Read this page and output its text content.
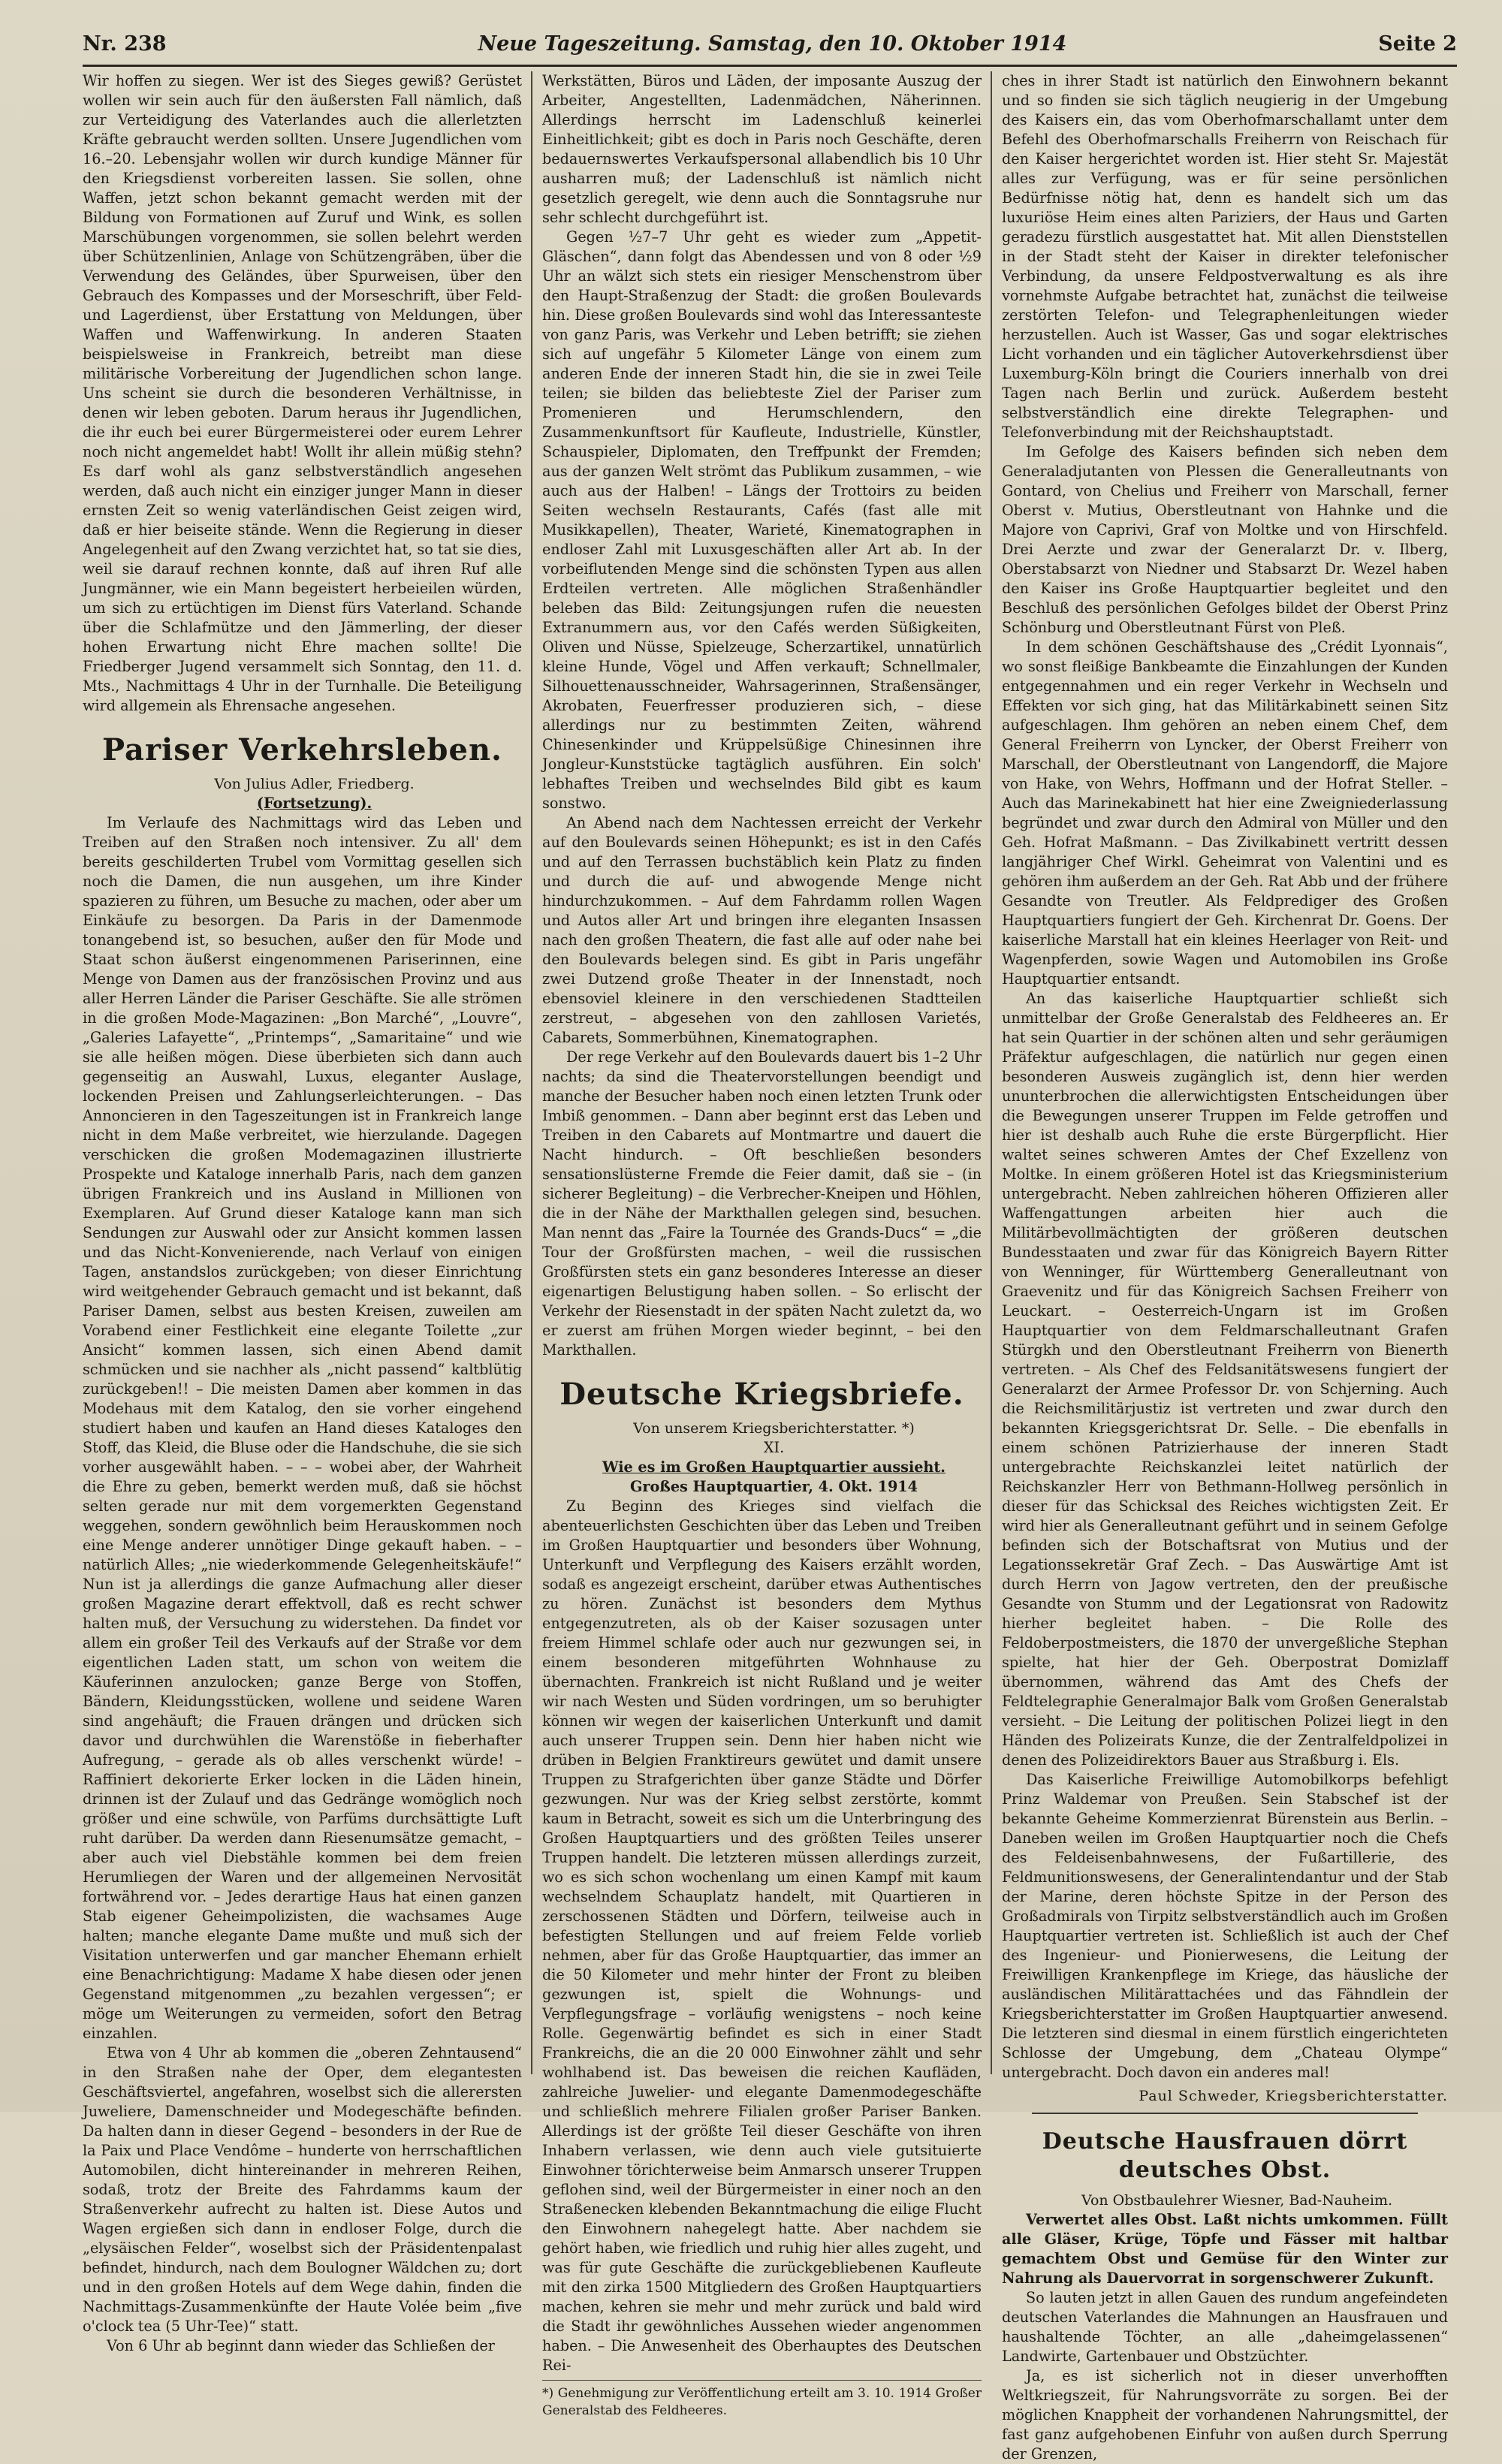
Nr. 238	Neue Tageszeitung. Samstag, den 10. Oktober 1914	Seite 2

Wir hoffen zu siegen. Wer ist des Sieges gewiß? Gerüstet wollen wir sein auch für den äußersten Fall nämlich, daß zur Verteidigung des Vaterlandes auch die allerletzten Kräfte gebraucht werden sollten. Unsere Jugendlichen vom 16.–20. Lebensjahr wollen wir durch kundige Männer für den Kriegsdienst vorbereiten lassen. Sie sollen, ohne Waffen, jetzt schon bekannt gemacht werden mit der Bildung von Formationen auf Zuruf und Wink, es sollen Marschübungen vorgenommen, sie sollen belehrt werden über Schützenlinien, Anlage von Schützengräben, über die Verwendung des Geländes, über Spurweisen, über den Gebrauch des Kompasses und der Morseschrift, über Feld- und Lagerdienst, über Erstattung von Meldungen, über Waffen und Waffenwirkung. In anderen Staaten beispielsweise in Frankreich, betreibt man diese militärische Vorbereitung der Jugendlichen schon lange. Uns scheint sie durch die besonderen Verhältnisse, in denen wir leben geboten. Darum heraus ihr Jugendlichen, die ihr euch bei eurer Bürgermeisterei oder eurem Lehrer noch nicht angemeldet habt! Wollt ihr allein müßig stehn? Es darf wohl als ganz selbstverständlich angesehen werden, daß auch nicht ein einziger junger Mann in dieser ernsten Zeit so wenig vaterländischen Geist zeigen wird, daß er hier beiseite stände. Wenn die Regierung in dieser Angelegenheit auf den Zwang verzichtet hat, so tat sie dies, weil sie darauf rechnen konnte, daß auf ihren Ruf alle Jungmänner, wie ein Mann begeistert herbeieilen würden, um sich zu ertüchtigen im Dienst fürs Vaterland. Schande über die Schlafmütze und den Jämmerling, der dieser hohen Erwartung nicht Ehre machen sollte! Die Friedberger Jugend versammelt sich Sonntag, den 11. d. Mts., Nachmittags 4 Uhr in der Turnhalle. Die Beteiligung wird allgemein als Ehrensache angesehen.

Pariser Verkehrsleben.

Von Julius Adler, Friedberg.

(Fortsetzung).

Im Verlaufe des Nachmittags wird das Leben und Treiben auf den Straßen noch intensiver. Zu all' dem bereits geschilderten Trubel vom Vormittag gesellen sich noch die Damen, die nun ausgehen, um ihre Kinder spazieren zu führen, um Besuche zu machen, oder aber um Einkäufe zu besorgen. Da Paris in der Damenmode tonangebend ist, so besuchen, außer den für Mode und Staat schon äußerst eingenommenen Pariserinnen, eine Menge von Damen aus der französischen Provinz und aus aller Herren Länder die Pariser Geschäfte. Sie alle strömen in die großen Mode-Magazinen: „Bon Marché“, „Louvre“, „Galeries Lafayette“, „Printemps“, „Samaritaine“ und wie sie alle heißen mögen. Diese überbieten sich dann auch gegenseitig an Auswahl, Luxus, eleganter Auslage, lockenden Preisen und Zahlungserleichterungen. – Das Annoncieren in den Tageszeitungen ist in Frankreich lange nicht in dem Maße verbreitet, wie hierzulande. Dagegen verschicken die großen Modemagazinen illustrierte Prospekte und Kataloge innerhalb Paris, nach dem ganzen übrigen Frankreich und ins Ausland in Millionen von Exemplaren. Auf Grund dieser Kataloge kann man sich Sendungen zur Auswahl oder zur Ansicht kommen lassen und das Nicht-Konvenierende, nach Verlauf von einigen Tagen, anstandslos zurückgeben; von dieser Einrichtung wird weitgehender Gebrauch gemacht und ist bekannt, daß Pariser Damen, selbst aus besten Kreisen, zuweilen am Vorabend einer Festlichkeit eine elegante Toilette „zur Ansicht“ kommen lassen, sich einen Abend damit schmücken und sie nachher als „nicht passend“ kaltblütig zurückgeben!! – Die meisten Damen aber kommen in das Modehaus mit dem Katalog, den sie vorher eingehend studiert haben und kaufen an Hand dieses Kataloges den Stoff, das Kleid, die Bluse oder die Handschuhe, die sie sich vorher ausgewählt haben. – – – wobei aber, der Wahrheit die Ehre zu geben, bemerkt werden muß, daß sie höchst selten gerade nur mit dem vorgemerkten Gegenstand weggehen, sondern gewöhnlich beim Herauskommen noch eine Menge anderer unnötiger Dinge gekauft haben. – – natürlich Alles; „nie wiederkommende Gelegenheitskäufe!“ Nun ist ja allerdings die ganze Aufmachung aller dieser großen Magazine derart effektvoll, daß es recht schwer halten muß, der Versuchung zu widerstehen. Da findet vor allem ein großer Teil des Verkaufs auf der Straße vor dem eigentlichen Laden statt, um schon von weitem die Käuferinnen anzulocken; ganze Berge von Stoffen, Bändern, Kleidungsstücken, wollene und seidene Waren sind angehäuft; die Frauen drängen und drücken sich davor und durchwühlen die Warenstöße in fieberhafter Aufregung, – gerade als ob alles verschenkt würde! – Raffiniert dekorierte Erker locken in die Läden hinein, drinnen ist der Zulauf und das Gedränge womöglich noch größer und eine schwüle, von Parfüms durchsättigte Luft ruht darüber. Da werden dann Riesenumsätze gemacht, – aber auch viel Diebstähle kommen bei dem freien Herumliegen der Waren und der allgemeinen Nervosität fortwährend vor. – Jedes derartige Haus hat einen ganzen Stab eigener Geheimpolizisten, die wachsames Auge halten; manche elegante Dame mußte und muß sich der Visitation unterwerfen und gar mancher Ehemann erhielt eine Benachrichtigung: Madame X habe diesen oder jenen Gegenstand mitgenommen „zu bezahlen vergessen“; er möge um Weiterungen zu vermeiden, sofort den Betrag einzahlen.

Etwa von 4 Uhr ab kommen die „oberen Zehntausend“ in den Straßen nahe der Oper, dem elegantesten Geschäftsviertel, angefahren, woselbst sich die allerersten Juweliere, Damenschneider und Modegeschäfte befinden. Da halten dann in dieser Gegend – besonders in der Rue de la Paix und Place Vendôme – hunderte von herrschaftlichen Automobilen, dicht hintereinander in mehreren Reihen, sodaß, trotz der Breite des Fahrdamms kaum der Straßenverkehr aufrecht zu halten ist. Diese Autos und Wagen ergießen sich dann in endloser Folge, durch die „elysäischen Felder“, woselbst sich der Präsidentenpalast befindet, hindurch, nach dem Boulogner Wäldchen zu; dort und in den großen Hotels auf dem Wege dahin, finden die Nachmittags-Zusammenkünfte der Haute Volée beim „five o'clock tea (5 Uhr-Tee)“ statt.

Von 6 Uhr ab beginnt dann wieder das Schließen der

Werkstätten, Büros und Läden, der imposante Auszug der Arbeiter, Angestellten, Ladenmädchen, Näherinnen. Allerdings herrscht im Ladenschluß keinerlei Einheitlichkeit; gibt es doch in Paris noch Geschäfte, deren bedauernswertes Verkaufspersonal allabendlich bis 10 Uhr ausharren muß; der Ladenschluß ist nämlich nicht gesetzlich geregelt, wie denn auch die Sonntagsruhe nur sehr schlecht durchgeführt ist.

Gegen ½7–7 Uhr geht es wieder zum „Appetit-Gläschen“, dann folgt das Abendessen und von 8 oder ½9 Uhr an wälzt sich stets ein riesiger Menschenstrom über den Haupt-Straßenzug der Stadt: die großen Boulevards hin. Diese großen Boulevards sind wohl das Interessanteste von ganz Paris, was Verkehr und Leben betrifft; sie ziehen sich auf ungefähr 5 Kilometer Länge von einem zum anderen Ende der inneren Stadt hin, die sie in zwei Teile teilen; sie bilden das beliebteste Ziel der Pariser zum Promenieren und Herumschlendern, den Zusammenkunftsort für Kaufleute, Industrielle, Künstler, Schauspieler, Diplomaten, den Treffpunkt der Fremden; aus der ganzen Welt strömt das Publikum zusammen, – wie auch aus der Halben! – Längs der Trottoirs zu beiden Seiten wechseln Restaurants, Cafés (fast alle mit Musikkapellen), Theater, Warieté, Kinematographen in endloser Zahl mit Luxusgeschäften aller Art ab. In der vorbeiflutenden Menge sind die schönsten Typen aus allen Erdteilen vertreten. Alle möglichen Straßenhändler beleben das Bild: Zeitungsjungen rufen die neuesten Extranummern aus, vor den Cafés werden Süßigkeiten, Oliven und Nüsse, Spielzeuge, Scherzartikel, unnatürlich kleine Hunde, Vögel und Affen verkauft; Schnellmaler, Silhouettenausschneider, Wahrsagerinnen, Straßensänger, Akrobaten, Feuerfresser produzieren sich, – diese allerdings nur zu bestimmten Zeiten, während Chinesenkinder und Krüppelsüßige Chinesinnen ihre Jongleur-Kunststücke tagtäglich ausführen. Ein solch' lebhaftes Treiben und wechselndes Bild gibt es kaum sonstwo.

An Abend nach dem Nachtessen erreicht der Verkehr auf den Boulevards seinen Höhepunkt; es ist in den Cafés und auf den Terrassen buchstäblich kein Platz zu finden und durch die auf- und abwogende Menge nicht hindurchzukommen. – Auf dem Fahrdamm rollen Wagen und Autos aller Art und bringen ihre eleganten Insassen nach den großen Theatern, die fast alle auf oder nahe bei den Boulevards belegen sind. Es gibt in Paris ungefähr zwei Dutzend große Theater in der Innenstadt, noch ebensoviel kleinere in den verschiedenen Stadtteilen zerstreut, – abgesehen von den zahllosen Varietés, Cabarets, Sommerbühnen, Kinematographen.

Der rege Verkehr auf den Boulevards dauert bis 1–2 Uhr nachts; da sind die Theatervorstellungen beendigt und manche der Besucher haben noch einen letzten Trunk oder Imbiß genommen. – Dann aber beginnt erst das Leben und Treiben in den Cabarets auf Montmartre und dauert die Nacht hindurch. – Oft beschließen besonders sensationslüsterne Fremde die Feier damit, daß sie – (in sicherer Begleitung) – die Verbrecher-Kneipen und Höhlen, die in der Nähe der Markthallen gelegen sind, besuchen. Man nennt das „Faire la Tournée des Grands-Ducs“ = „die Tour der Großfürsten machen, – weil die russischen Großfürsten stets ein ganz besonderes Interesse an dieser eigenartigen Belustigung haben sollen. – So erlischt der Verkehr der Riesenstadt in der späten Nacht zuletzt da, wo er zuerst am frühen Morgen wieder beginnt, – bei den Markthallen.

Deutsche Kriegsbriefe.

Von unserem Kriegsberichterstatter. *)

XI.

Wie es im Großen Hauptquartier aussieht.

Großes Hauptquartier, 4. Okt. 1914

Zu Beginn des Krieges sind vielfach die abenteuerlichsten Geschichten über das Leben und Treiben im Großen Hauptquartier und besonders über Wohnung, Unterkunft und Verpflegung des Kaisers erzählt worden, sodaß es angezeigt erscheint, darüber etwas Authentisches zu hören. Zunächst ist besonders dem Mythus entgegenzutreten, als ob der Kaiser sozusagen unter freiem Himmel schlafe oder auch nur gezwungen sei, in einem besonderen mitgeführten Wohnhause zu übernachten. Frankreich ist nicht Rußland und je weiter wir nach Westen und Süden vordringen, um so beruhigter können wir wegen der kaiserlichen Unterkunft und damit auch unserer Truppen sein. Denn hier haben nicht wie drüben in Belgien Franktireurs gewütet und damit unsere Truppen zu Strafgerichten über ganze Städte und Dörfer gezwungen. Nur was der Krieg selbst zerstörte, kommt kaum in Betracht, soweit es sich um die Unterbringung des Großen Hauptquartiers und des größten Teiles unserer Truppen handelt. Die letzteren müssen allerdings zurzeit, wo es sich schon wochenlang um einen Kampf mit kaum wechselndem Schauplatz handelt, mit Quartieren in zerschossenen Städten und Dörfern, teilweise auch in befestigten Stellungen und auf freiem Felde vorlieb nehmen, aber für das Große Hauptquartier, das immer an die 50 Kilometer und mehr hinter der Front zu bleiben gezwungen ist, spielt die Wohnungs- und Verpflegungsfrage – vorläufig wenigstens – noch keine Rolle. Gegenwärtig befindet es sich in einer Stadt Frankreichs, die an die 20 000 Einwohner zählt und sehr wohlhabend ist. Das beweisen die reichen Kaufläden, zahlreiche Juwelier- und elegante Damenmodegeschäfte und schließlich mehrere Filialen großer Pariser Banken. Allerdings ist der größte Teil dieser Geschäfte von ihren Inhabern verlassen, wie denn auch viele gutsituierte Einwohner törichterweise beim Anmarsch unserer Truppen geflohen sind, weil der Bürgermeister in einer noch an den Straßenecken klebenden Bekanntmachung die eilige Flucht den Einwohnern nahegelegt hatte. Aber nachdem sie gehört haben, wie friedlich und ruhig hier alles zugeht, und was für gute Geschäfte die zurückgebliebenen Kaufleute mit den zirka 1500 Mitgliedern des Großen Hauptquartiers machen, kehren sie mehr und mehr zurück und bald wird die Stadt ihr gewöhnliches Aussehen wieder angenommen haben. – Die Anwesenheit des Oberhauptes des Deutschen Rei-

*) Genehmigung zur Veröffentlichung erteilt am 3. 10. 1914 Großer Generalstab des Feldheeres.

ches in ihrer Stadt ist natürlich den Einwohnern bekannt und so finden sie sich täglich neugierig in der Umgebung des Kaisers ein, das vom Oberhofmarschallamt unter dem Befehl des Oberhofmarschalls Freiherrn von Reischach für den Kaiser hergerichtet worden ist. Hier steht Sr. Majestät alles zur Verfügung, was er für seine persönlichen Bedürfnisse nötig hat, denn es handelt sich um das luxuriöse Heim eines alten Pariziers, der Haus und Garten geradezu fürstlich ausgestattet hat. Mit allen Dienststellen in der Stadt steht der Kaiser in direkter telefonischer Verbindung, da unsere Feldpostverwaltung es als ihre vornehmste Aufgabe betrachtet hat, zunächst die teilweise zerstörten Telefon- und Telegraphenleitungen wieder herzustellen. Auch ist Wasser, Gas und sogar elektrisches Licht vorhanden und ein täglicher Autoverkehrsdienst über Luxemburg-Köln bringt die Couriers innerhalb von drei Tagen nach Berlin und zurück. Außerdem besteht selbstverständlich eine direkte Telegraphen- und Telefonverbindung mit der Reichshauptstadt.

Im Gefolge des Kaisers befinden sich neben dem Generaladjutanten von Plessen die Generalleutnants von Gontard, von Chelius und Freiherr von Marschall, ferner Oberst v. Mutius, Oberstleutnant von Hahnke und die Majore von Caprivi, Graf von Moltke und von Hirschfeld. Drei Aerzte und zwar der Generalarzt Dr. v. Ilberg, Oberstabsarzt von Niedner und Stabsarzt Dr. Wezel haben den Kaiser ins Große Hauptquartier begleitet und den Beschluß des persönlichen Gefolges bildet der Oberst Prinz Schönburg und Oberstleutnant Fürst von Pleß.

In dem schönen Geschäftshause des „Crédit Lyonnais“, wo sonst fleißige Bankbeamte die Einzahlungen der Kunden entgegennahmen und ein reger Verkehr in Wechseln und Effekten vor sich ging, hat das Militärkabinett seinen Sitz aufgeschlagen. Ihm gehören an neben einem Chef, dem General Freiherrn von Lyncker, der Oberst Freiherr von Marschall, der Oberstleutnant von Langendorff, die Majore von Hake, von Wehrs, Hoffmann und der Hofrat Steller. – Auch das Marinekabinett hat hier eine Zweigniederlassung begründet und zwar durch den Admiral von Müller und den Geh. Hofrat Maßmann. – Das Zivilkabinett vertritt dessen langjähriger Chef Wirkl. Geheimrat von Valentini und es gehören ihm außerdem an der Geh. Rat Abb und der frühere Gesandte von Treutler. Als Feldprediger des Großen Hauptquartiers fungiert der Geh. Kirchenrat Dr. Goens. Der kaiserliche Marstall hat ein kleines Heerlager von Reit- und Wagenpferden, sowie Wagen und Automobilen ins Große Hauptquartier entsandt.

An das kaiserliche Hauptquartier schließt sich unmittelbar der Große Generalstab des Feldheeres an. Er hat sein Quartier in der schönen alten und sehr geräumigen Präfektur aufgeschlagen, die natürlich nur gegen einen besonderen Ausweis zugänglich ist, denn hier werden ununterbrochen die allerwichtigsten Entscheidungen über die Bewegungen unserer Truppen im Felde getroffen und hier ist deshalb auch Ruhe die erste Bürgerpflicht. Hier waltet seines schweren Amtes der Chef Exzellenz von Moltke. In einem größeren Hotel ist das Kriegsministerium untergebracht. Neben zahlreichen höheren Offizieren aller Waffengattungen arbeiten hier auch die Militärbevollmächtigten der größeren deutschen Bundesstaaten und zwar für das Königreich Bayern Ritter von Wenninger, für Württemberg Generalleutnant von Graevenitz und für das Königreich Sachsen Freiherr von Leuckart. – Oesterreich-Ungarn ist im Großen Hauptquartier von dem Feldmarschalleutnant Grafen Stürgkh und den Oberstleutnant Freiherrn von Bienerth vertreten. – Als Chef des Feldsanitätswesens fungiert der Generalarzt der Armee Professor Dr. von Schjerning. Auch die Reichsmilitärjustiz ist vertreten und zwar durch den bekannten Kriegsgerichtsrat Dr. Selle. – Die ebenfalls in einem schönen Patrizierhause der inneren Stadt untergebrachte Reichskanzlei leitet natürlich der Reichskanzler Herr von Bethmann-Hollweg persönlich in dieser für das Schicksal des Reiches wichtigsten Zeit. Er wird hier als Generalleutnant geführt und in seinem Gefolge befinden sich der Botschaftsrat von Mutius und der Legationssekretär Graf Zech. – Das Auswärtige Amt ist durch Herrn von Jagow vertreten, den der preußische Gesandte von Stumm und der Legationsrat von Radowitz hierher begleitet haben. – Die Rolle des Feldoberpostmeisters, die 1870 der unvergeßliche Stephan spielte, hat hier der Geh. Oberpostrat Domizlaff übernommen, während das Amt des Chefs der Feldtelegraphie Generalmajor Balk vom Großen Generalstab versieht. – Die Leitung der politischen Polizei liegt in den Händen des Polizeirats Kunze, die der Zentralfeldpolizei in denen des Polizeidirektors Bauer aus Straßburg i. Els.

Das Kaiserliche Freiwillige Automobilkorps befehligt Prinz Waldemar von Preußen. Sein Stabschef ist der bekannte Geheime Kommerzienrat Bürenstein aus Berlin. – Daneben weilen im Großen Hauptquartier noch die Chefs des Feldeisenbahnwesens, der Fußartillerie, des Feldmunitionswesens, der Generalintendantur und der Stab der Marine, deren höchste Spitze in der Person des Großadmirals von Tirpitz selbstverständlich auch im Großen Hauptquartier vertreten ist. Schließlich ist auch der Chef des Ingenieur- und Pionierwesens, die Leitung der Freiwilligen Krankenpflege im Kriege, das häusliche der ausländischen Militärattachées und das Fähndlein der Kriegsberichterstatter im Großen Hauptquartier anwesend. Die letzteren sind diesmal in einem fürstlich eingerichteten Schlosse der Umgebung, dem „Chateau Olympe“ untergebracht. Doch davon ein anderes mal!

Paul Schweder, Kriegsberichterstatter.

Deutsche Hausfrauen dörrt deutsches Obst.

Von Obstbaulehrer Wiesner, Bad-Nauheim.

Verwertet alles Obst. Laßt nichts umkommen. Füllt alle Gläser, Krüge, Töpfe und Fässer mit haltbar gemachtem Obst und Gemüse für den Winter zur Nahrung als Dauervorrat in sorgenschwerer Zukunft.

So lauten jetzt in allen Gauen des rundum angefeindeten deutschen Vaterlandes die Mahnungen an Hausfrauen und haushaltende Töchter, an alle „daheimgelassenen“ Landwirte, Gartenbauer und Obstzüchter.

Ja, es ist sicherlich not in dieser unverhofften Weltkriegszeit, für Nahrungsvorräte zu sorgen. Bei der möglichen Knappheit der vorhandenen Nahrungsmittel, der fast ganz aufgehobenen Einfuhr von außen durch Sperrung der Grenzen,
